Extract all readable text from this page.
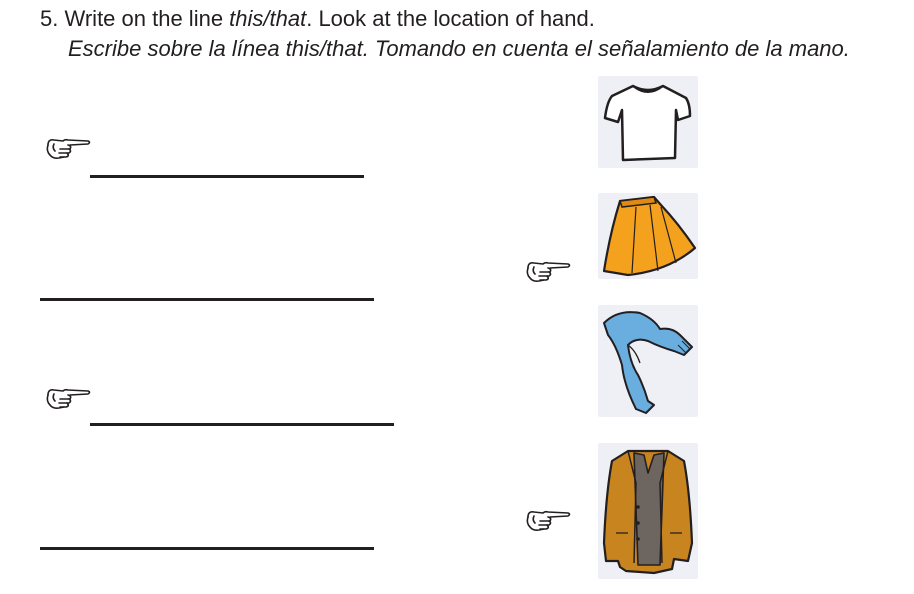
5. Write on the line this/that. Look at the location of hand.

Escribe sobre la línea this/that. Tomando en cuenta el señalamiento de la mano.
